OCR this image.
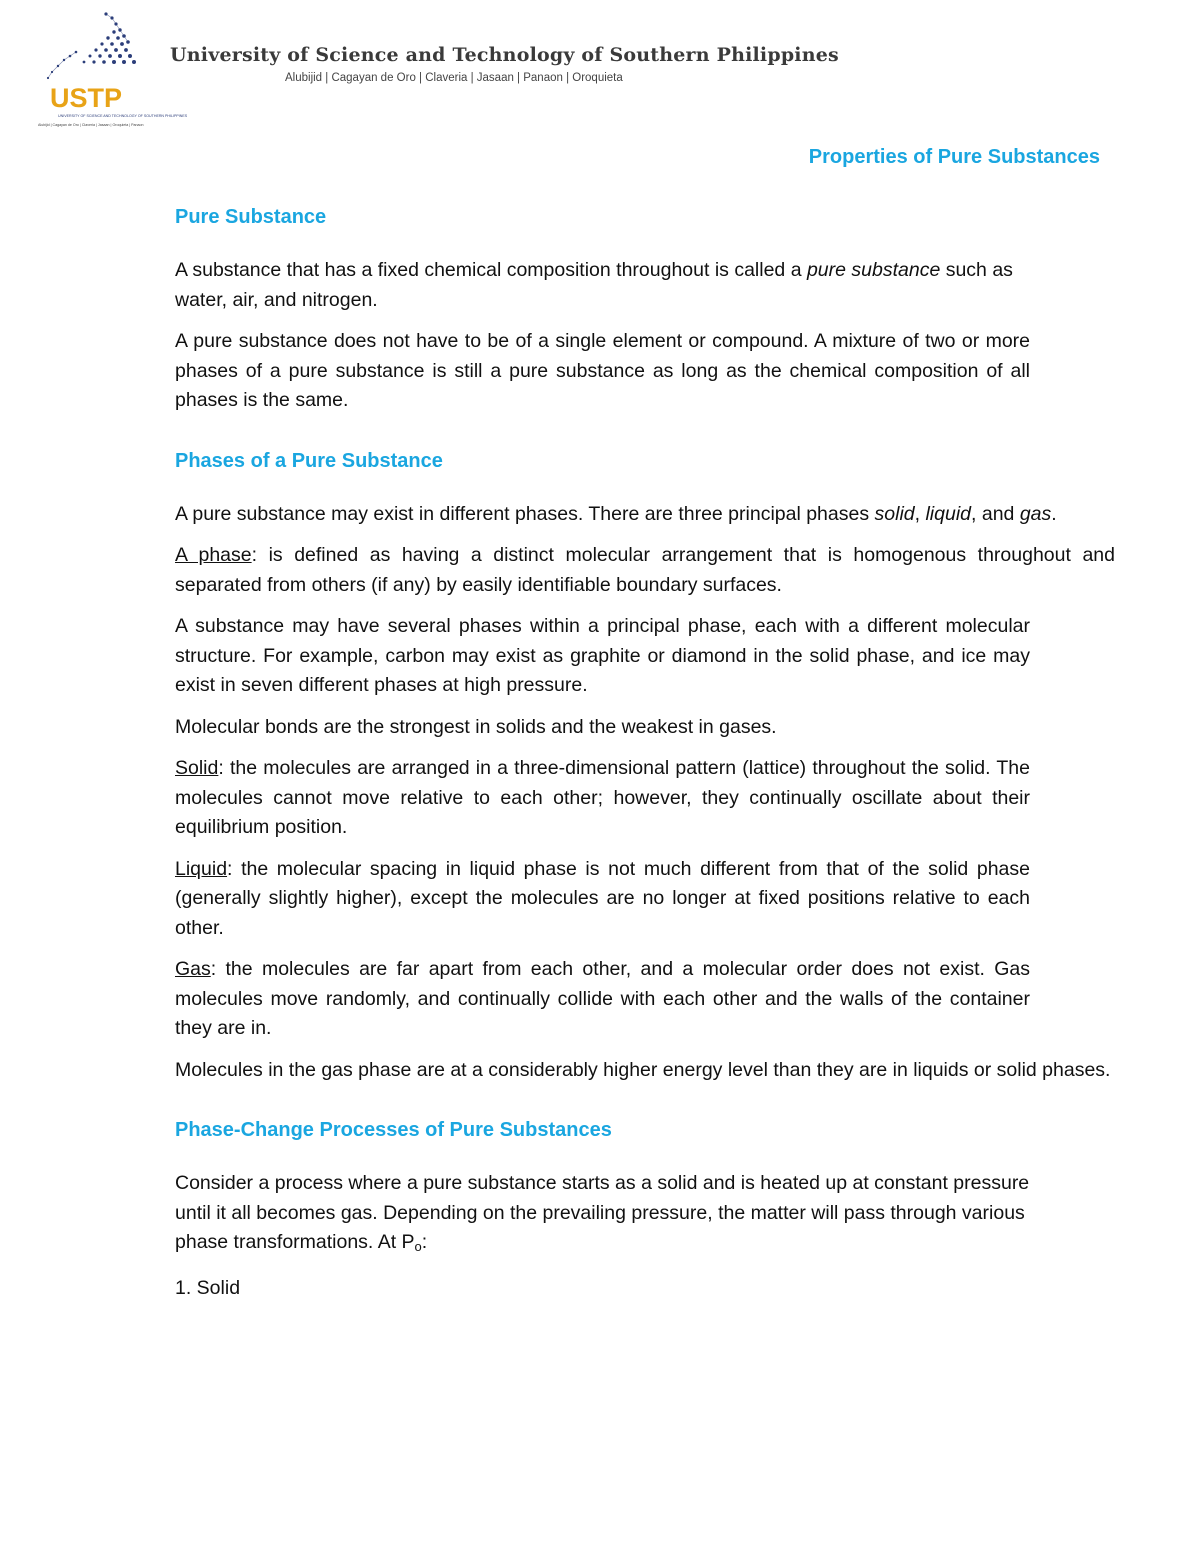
USTP
UNIVERSITY OF SCIENCE AND TECHNOLOGY OF SOUTHERN PHILIPPINES
Alubijid | Cagayan de Oro | Claveria | Jasaan | Oroquieta | Panaon
University of Science and Technology of Southern Philippines
Alubijid | Cagayan de Oro | Claveria | Jasaan | Panaon | Oroquieta
Properties of Pure Substances
Pure Substance

A substance that has a fixed chemical composition throughout is called a pure substance such as water, air, and nitrogen.

A pure substance does not have to be of a single element or compound. A mixture of two or more phases of a pure substance is still a pure substance as long as the chemical composition of all phases is the same.

Phases of a Pure Substance

A pure substance may exist in different phases. There are three principal phases solid, liquid, and gas.

A phase: is defined as having a distinct molecular arrangement that is homogenous throughout and separated from others (if any) by easily identifiable boundary surfaces.

A substance may have several phases within a principal phase, each with a different molecular structure. For example, carbon may exist as graphite or diamond in the solid phase, and ice may exist in seven different phases at high pressure.

Molecular bonds are the strongest in solids and the weakest in gases.

Solid: the molecules are arranged in a three-dimensional pattern (lattice) throughout the solid. The molecules cannot move relative to each other; however, they continually oscillate about their equilibrium position.

Liquid: the molecular spacing in liquid phase is not much different from that of the solid phase (generally slightly higher), except the molecules are no longer at fixed positions relative to each other.

Gas: the molecules are far apart from each other, and a molecular order does not exist. Gas molecules move randomly, and continually collide with each other and the walls of the container they are in.

Molecules in the gas phase are at a considerably higher energy level than they are in liquids or solid phases.

Phase-Change Processes of Pure Substances

Consider a process where a pure substance starts as a solid and is heated up at constant pressure until it all becomes gas. Depending on the prevailing pressure, the matter will pass through various phase transformations. At $P_o$:

1. Solid
